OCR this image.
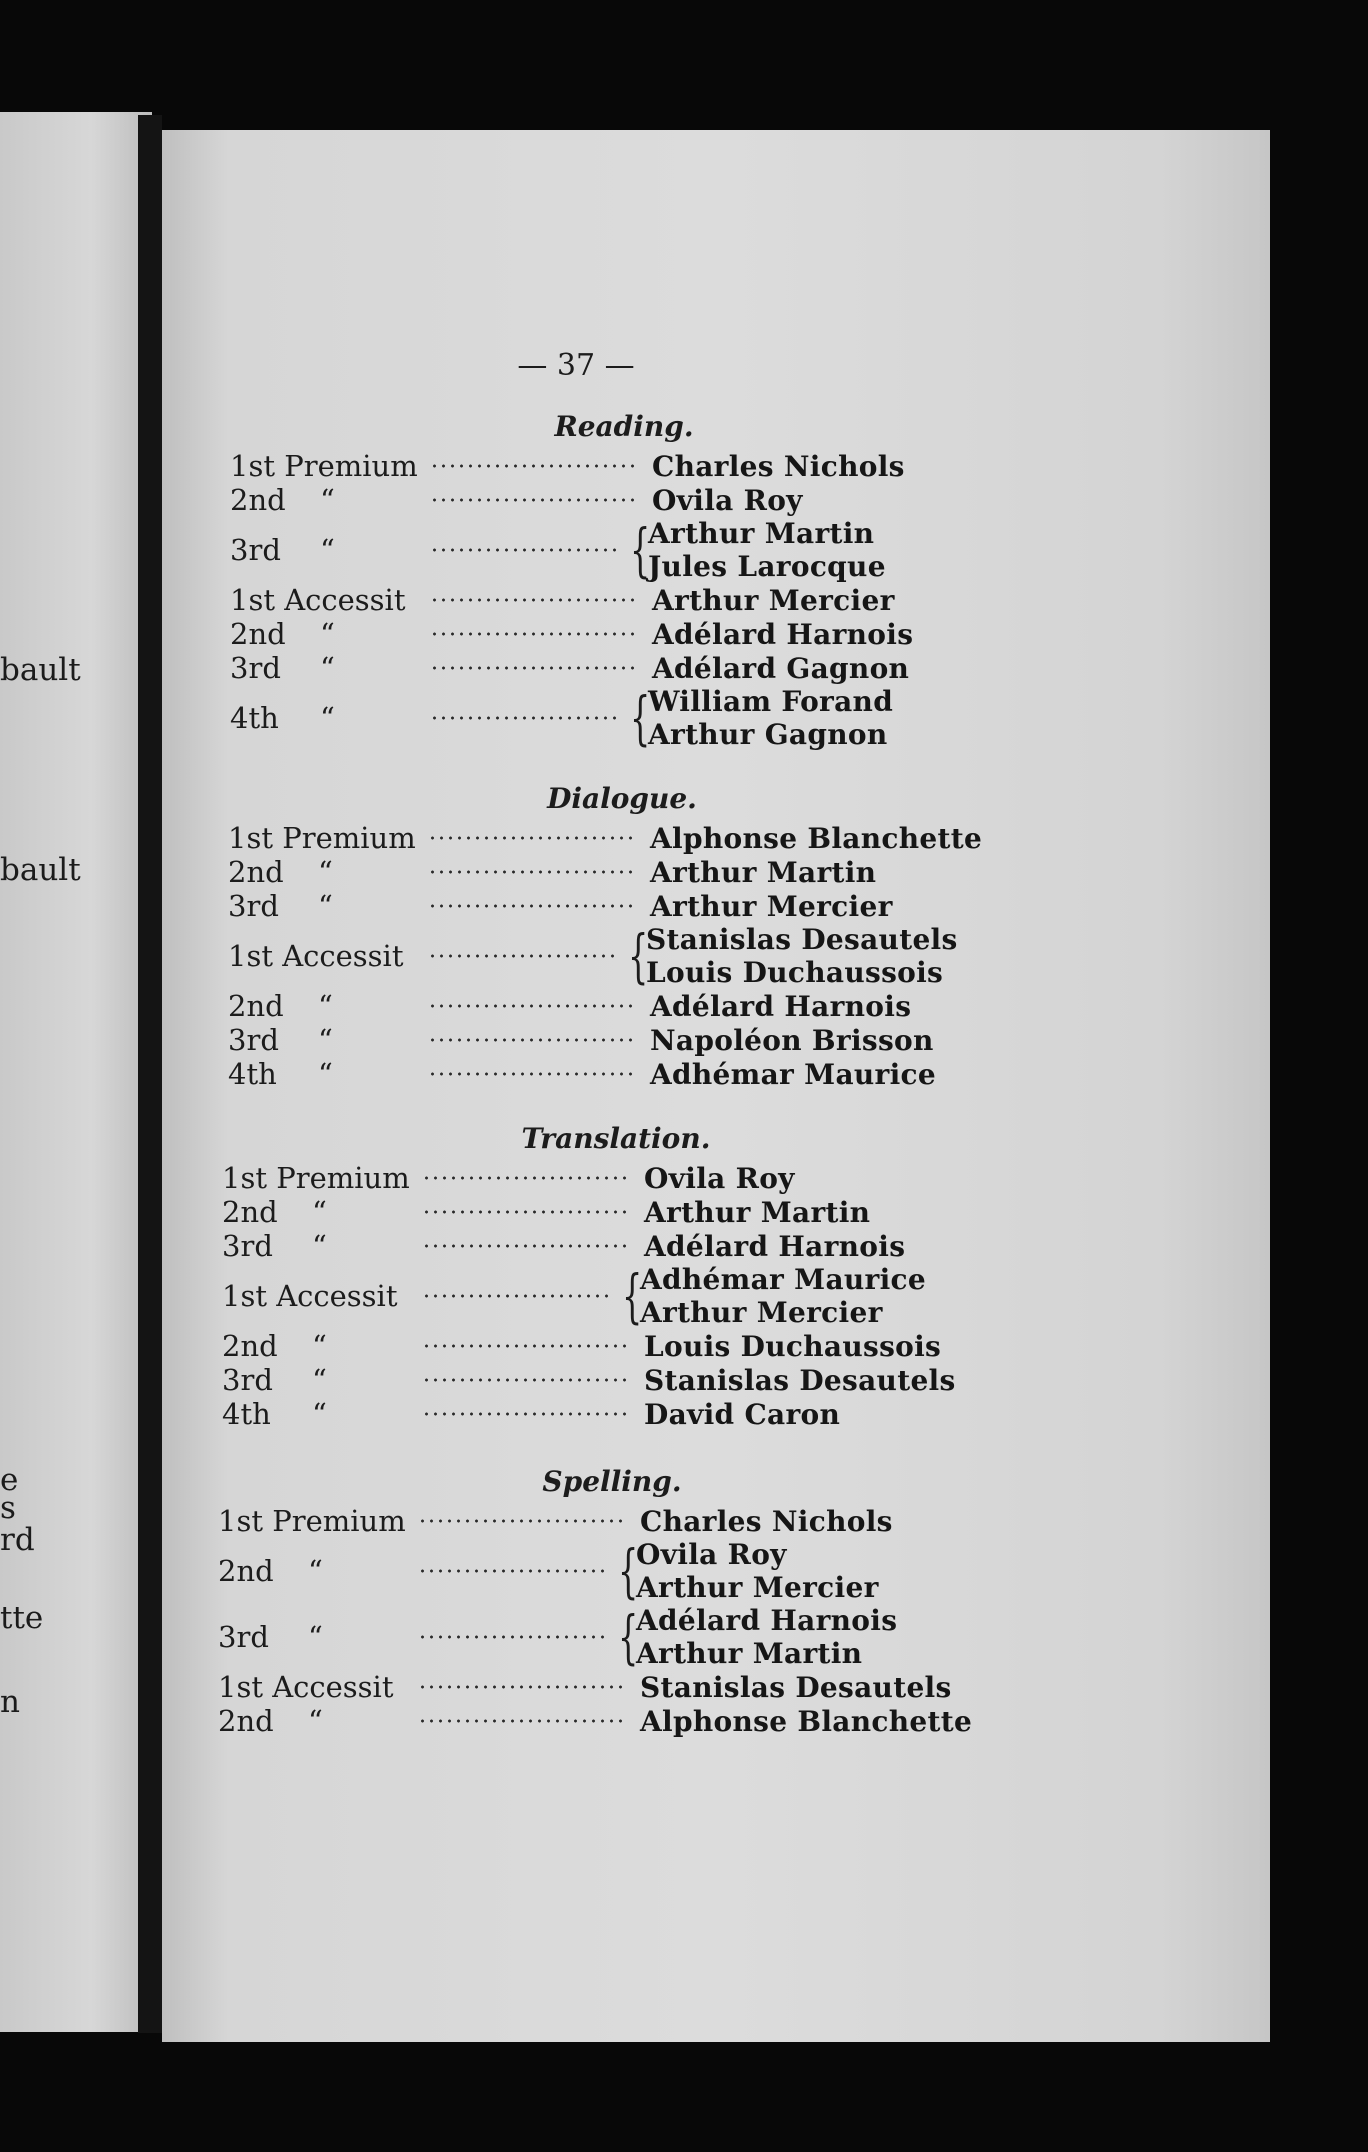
bault
bault
e
s
rd
tte
n
— 37 —
Reading.
1st Premium	Charles Nichols
2nd “	Ovila Roy
3rd “	{
Arthur Martin
Jules Larocque
1st Accessit	Arthur Mercier
2nd “	Adélard Harnois
3rd “	Adélard Gagnon
4th “	{
William Forand
Arthur Gagnon
Dialogue.
1st Premium	Alphonse Blanchette
2nd “	Arthur Martin
3rd “	Arthur Mercier
1st Accessit	{
Stanislas Desautels
Louis Duchaussois
2nd “	Adélard Harnois
3rd “	Napoléon Brisson
4th “	Adhémar Maurice
Translation.
1st Premium	Ovila Roy
2nd “	Arthur Martin
3rd “	Adélard Harnois
1st Accessit	{
Adhémar Maurice
Arthur Mercier
2nd “	Louis Duchaussois
3rd “	Stanislas Desautels
4th “	David Caron
Spelling.
1st Premium	Charles Nichols
2nd “	{
Ovila Roy
Arthur Mercier
3rd “	{
Adélard Harnois
Arthur Martin
1st Accessit	Stanislas Desautels
2nd “	Alphonse Blanchette
